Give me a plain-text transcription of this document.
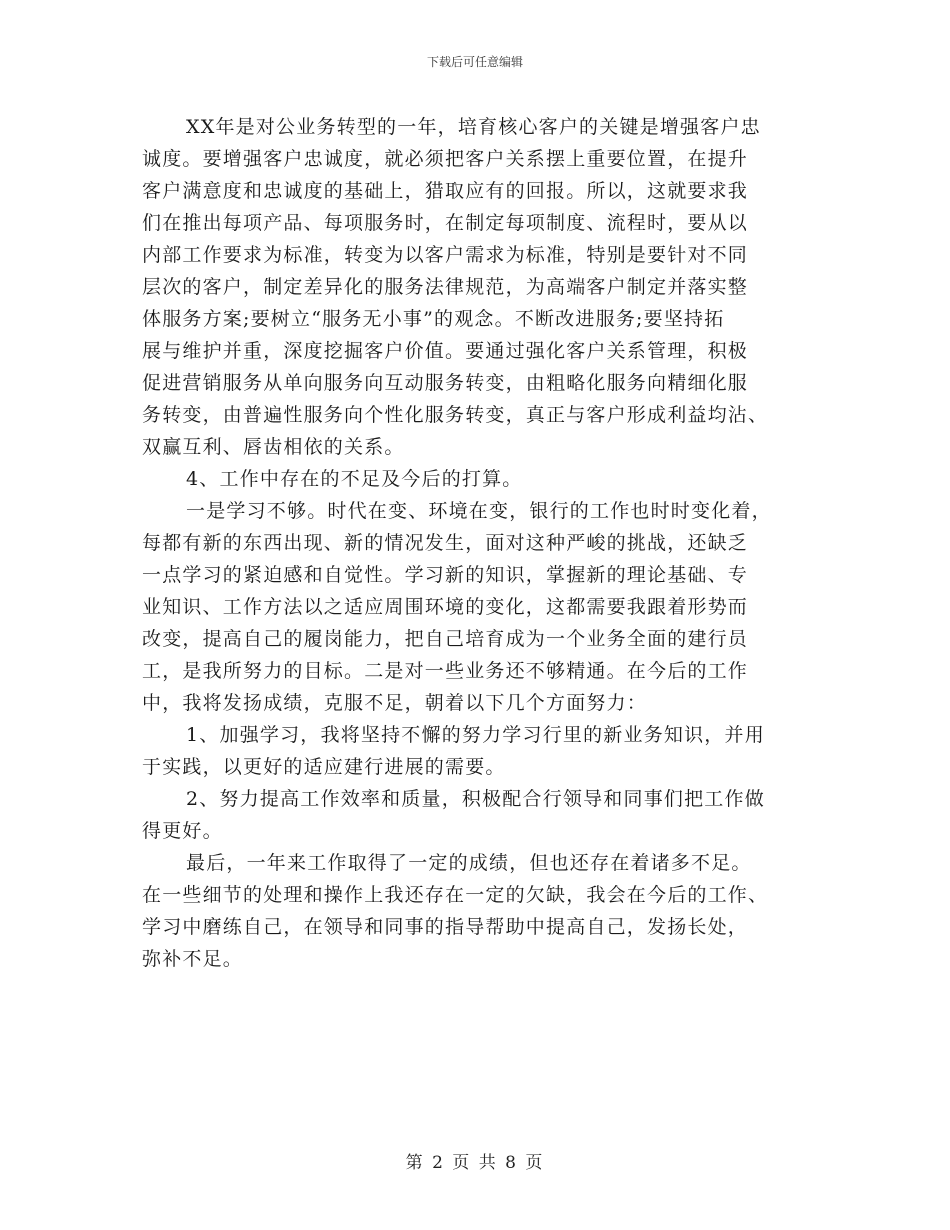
下载后可任意编辑
XX年是对公业务转型的一年，培育核心客户的关键是增强客户忠
诚度。要增强客户忠诚度，就必须把客户关系摆上重要位置，在提升
客户满意度和忠诚度的基础上，猎取应有的回报。所以，这就要求我
们在推出每项产品、每项服务时，在制定每项制度、流程时，要从以
内部工作要求为标准，转变为以客户需求为标准，特别是要针对不同
层次的客户，制定差异化的服务法律规范，为高端客户制定并落实整
体服务方案;要树立“服务无小事”的观念。不断改进服务;要坚持拓
展与维护并重，深度挖掘客户价值。要通过强化客户关系管理，积极
促进营销服务从单向服务向互动服务转变，由粗略化服务向精细化服
务转变，由普遍性服务向个性化服务转变，真正与客户形成利益均沾、
双赢互利、唇齿相依的关系。
4、工作中存在的不足及今后的打算。
一是学习不够。时代在变、环境在变，银行的工作也时时变化着，
每都有新的东西出现、新的情况发生，面对这种严峻的挑战，还缺乏
一点学习的紧迫感和自觉性。学习新的知识，掌握新的理论基础、专
业知识、工作方法以之适应周围环境的变化，这都需要我跟着形势而
改变，提高自己的履岗能力，把自己培育成为一个业务全面的建行员
工，是我所努力的目标。二是对一些业务还不够精通。在今后的工作
中，我将发扬成绩，克服不足，朝着以下几个方面努力：
1、加强学习，我将坚持不懈的努力学习行里的新业务知识，并用
于实践，以更好的适应建行进展的需要。
2、努力提高工作效率和质量，积极配合行领导和同事们把工作做
得更好。
最后，一年来工作取得了一定的成绩，但也还存在着诸多不足。
在一些细节的处理和操作上我还存在一定的欠缺，我会在今后的工作、
学习中磨练自己，在领导和同事的指导帮助中提高自己，发扬长处，
弥补不足。
第 2 页 共 8 页
